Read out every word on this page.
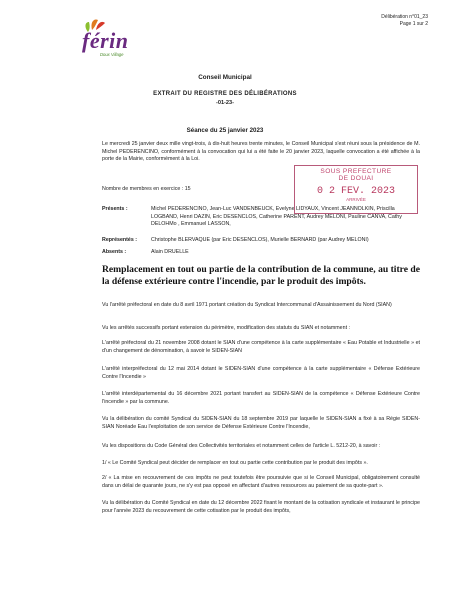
férin
Doux Village
Délibération n°01_23
Page 1 sur 2
Conseil Municipal
EXTRAIT DU REGISTRE DES DÉLIBÉRATIONS
-01-23-
Séance du 25 janvier 2023
Le mercredi 25 janvier deux mille vingt-trois, à dix-huit heures trente minutes, le Conseil Municipal s'est réuni sous la présidence de M. Michel PEDERENCINO, conformément à la convocation qui lui a été faite le 20 janvier 2023, laquelle convocation a été affichée à la porte de la Mairie, conformément à la Loi.
Nombre de membres en exercice : 15
Présents :	Michel PEDERENCINO, Jean-Luc VANDENBEUCK, Evelyne LIDYAUX, Vincent JEANNOLKIN, Priscilla LOGBAND, Henri DAZIN, Eric DESENCLOS, Catherine PARENT, Audrey MELONI, Pauline CANVA, Cathy DELOHMo , Emmanuel LASSON,
Représentés :	Christophe BLERVAQUE (par Eric DESENCLOS), Murielle BERNARD (par Audrey MELONI)
Absents :	Alain DRUELLE
SOUS PREFECTURE
DE DOUAI
0 2 FEV. 2023
ARRIVÉE
Remplacement en tout ou partie de la contribution de la commune, au titre de la défense extérieure contre l'incendie, par le produit des impôts.
Vu l'arrêté préfectoral en date du 8 avril 1971 portant création du Syndicat Intercommunal d'Assainissement du Nord (SIAN)
Vu les arrêtés successifs portant extension du périmètre, modification des statuts du SIAN et notamment :
L'arrêté préfectoral du 21 novembre 2008 dotant le SIAN d'une compétence à la carte supplémentaire « Eau Potable et Industrielle » et d'un changement de dénomination, à savoir le SIDEN-SIAN
L'arrêté interpréfectoral du 12 mai 2014 dotant le SIDEN-SIAN d'une compétence à la carte supplémentaire « Défense Extérieure Contre l'Incendie »
L'arrêté interdépartemental du 16 décembre 2021 portant transfert au SIDEN-SIAN de la compétence « Défense Extérieure Contre l'incendie » par la commune.
Vu la délibération du comité Syndical du SIDEN-SIAN du 18 septembre 2019 par laquelle le SIDEN-SIAN a fixé à sa Régie SIDEN-SIAN Noréade Eau l'exploitation de son service de Défense Extérieure Contre l'Incendie,
Vu les dispositions du Code Général des Collectivités territoriales et notamment celles de l'article L. 5212-20, à savoir :
1/ « Le Comité Syndical peut décider de remplacer en tout ou partie cette contribution par le produit des impôts ».
2/ « La mise en recouvrement de ces impôts ne peut toutefois être poursuivie que si le Conseil Municipal, obligatoirement consulté dans un délai de quarante jours, ne s'y est pas opposé en affectant d'autres ressources au paiement de sa quote-part ».
Vu la délibération du Comité Syndical en date du 12 décembre 2022 fixant le montant de la cotisation syndicale et instaurant le principe pour l'année 2023 du recouvrement de cette cotisation par le produit des impôts,
